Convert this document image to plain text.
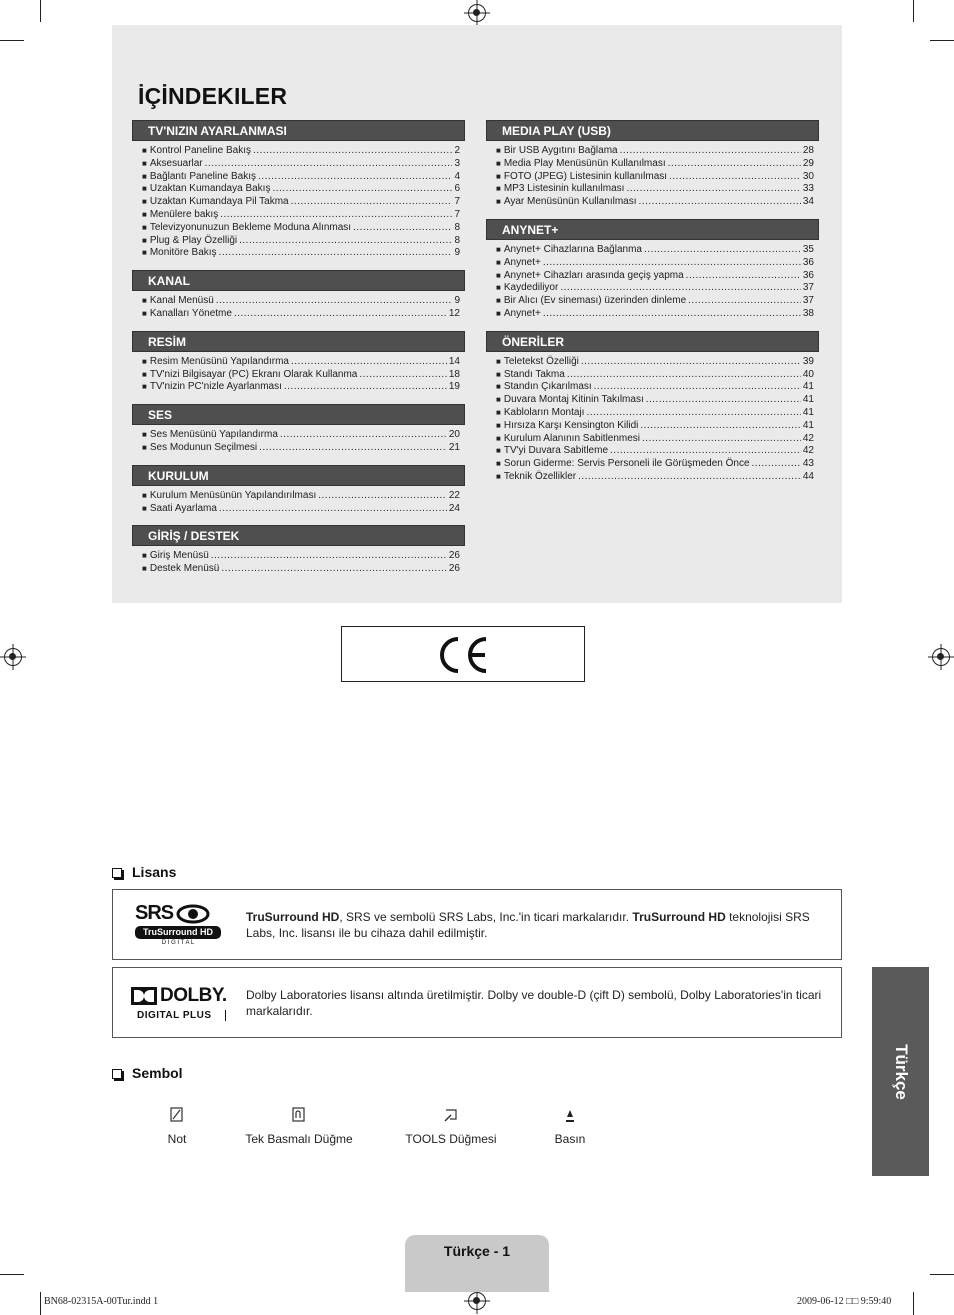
İÇİNDEKILER
TV'NIZIN AYARLANMASI
■ Kontrol Paneline Bakış .....	2
■ Aksesuarlar .....	3
■ Bağlantı Paneline Bakış .....	4
■ Uzaktan Kumandaya Bakış .....	6
■ Uzaktan Kumandaya Pil Takma .....	7
■ Menülere bakış .....	7
■ Televizyonunuzun Bekleme Moduna Alınması .....	8
■ Plug & Play Özelliği .....	8
■ Monitöre Bakış .....	9
KANAL
■ Kanal Menüsü .....	9
■ Kanalları Yönetme .....	12
RESİM
■ Resim Menüsünü Yapılandırma .....	14
■ TV'nizi Bilgisayar (PC) Ekranı Olarak Kullanma .....	18
■ TV'nizin PC'nizle Ayarlanması .....	19
SES
■ Ses Menüsünü Yapılandırma .....	20
■ Ses Modunun Seçilmesi .....	21
KURULUM
■ Kurulum Menüsünün Yapılandırılması .....	22
■ Saati Ayarlama .....	24
GİRİŞ / DESTEK
■ Giriş Menüsü .....	26
■ Destek Menüsü .....	26
MEDIA PLAY (USB)
■ Bir USB Aygıtını Bağlama .....	28
■ Media Play Menüsünün Kullanılması .....	29
■ FOTO (JPEG) Listesinin kullanılması .....	30
■ MP3 Listesinin kullanılması .....	33
■ Ayar Menüsünün Kullanılması .....	34
ANYNET+
■ Anynet+ Cihazlarına Bağlanma .....	35
■ Anynet+ .....	36
■ Anynet+ Cihazları arasında geçiş yapma .....	36
■ Kaydediliyor .....	37
■ Bir Alıcı (Ev sineması) üzerinden dinleme .....	37
■ Anynet+ .....	38
ÖNERİLER
■ Teletekst Özelliği .....	39
■ Standı Takma .....	40
■ Standın Çıkarılması .....	41
■ Duvara Montaj Kitinin Takılması .....	41
■ Kabloların Montajı .....	41
■ Hırsıza Karşı Kensington Kilidi .....	41
■ Kurulum Alanının Sabitlenmesi .....	42
■ TV'yi Duvara Sabitleme .....	42
■ Sorun Giderme: Servis Personeli ile Görüşmeden Önce .....	43
■ Teknik Özellikler .....	44
Lisans
SRS
TruSurround HD
D I G I T A L
TruSurround HD, SRS ve sembolü SRS Labs, Inc.'in ticari markalarıdır. TruSurround HD teknolojisi SRS Labs, Inc. lisansı ile bu cihaza dahil edilmiştir.
DOLBY.
DIGITAL PLUS
Dolby Laboratories lisansı altında üretilmiştir. Dolby ve double-D (çift D) sembolü, Dolby Laboratories'in ticari markalarıdır.
Sembol
Not	Tek Basmalı Düğme	TOOLS Düğmesi	Basın
Türkçe
Türkçe - 1
BN68-02315A-00Tur.indd 1	2009-06-12 □□ 9:59:40
